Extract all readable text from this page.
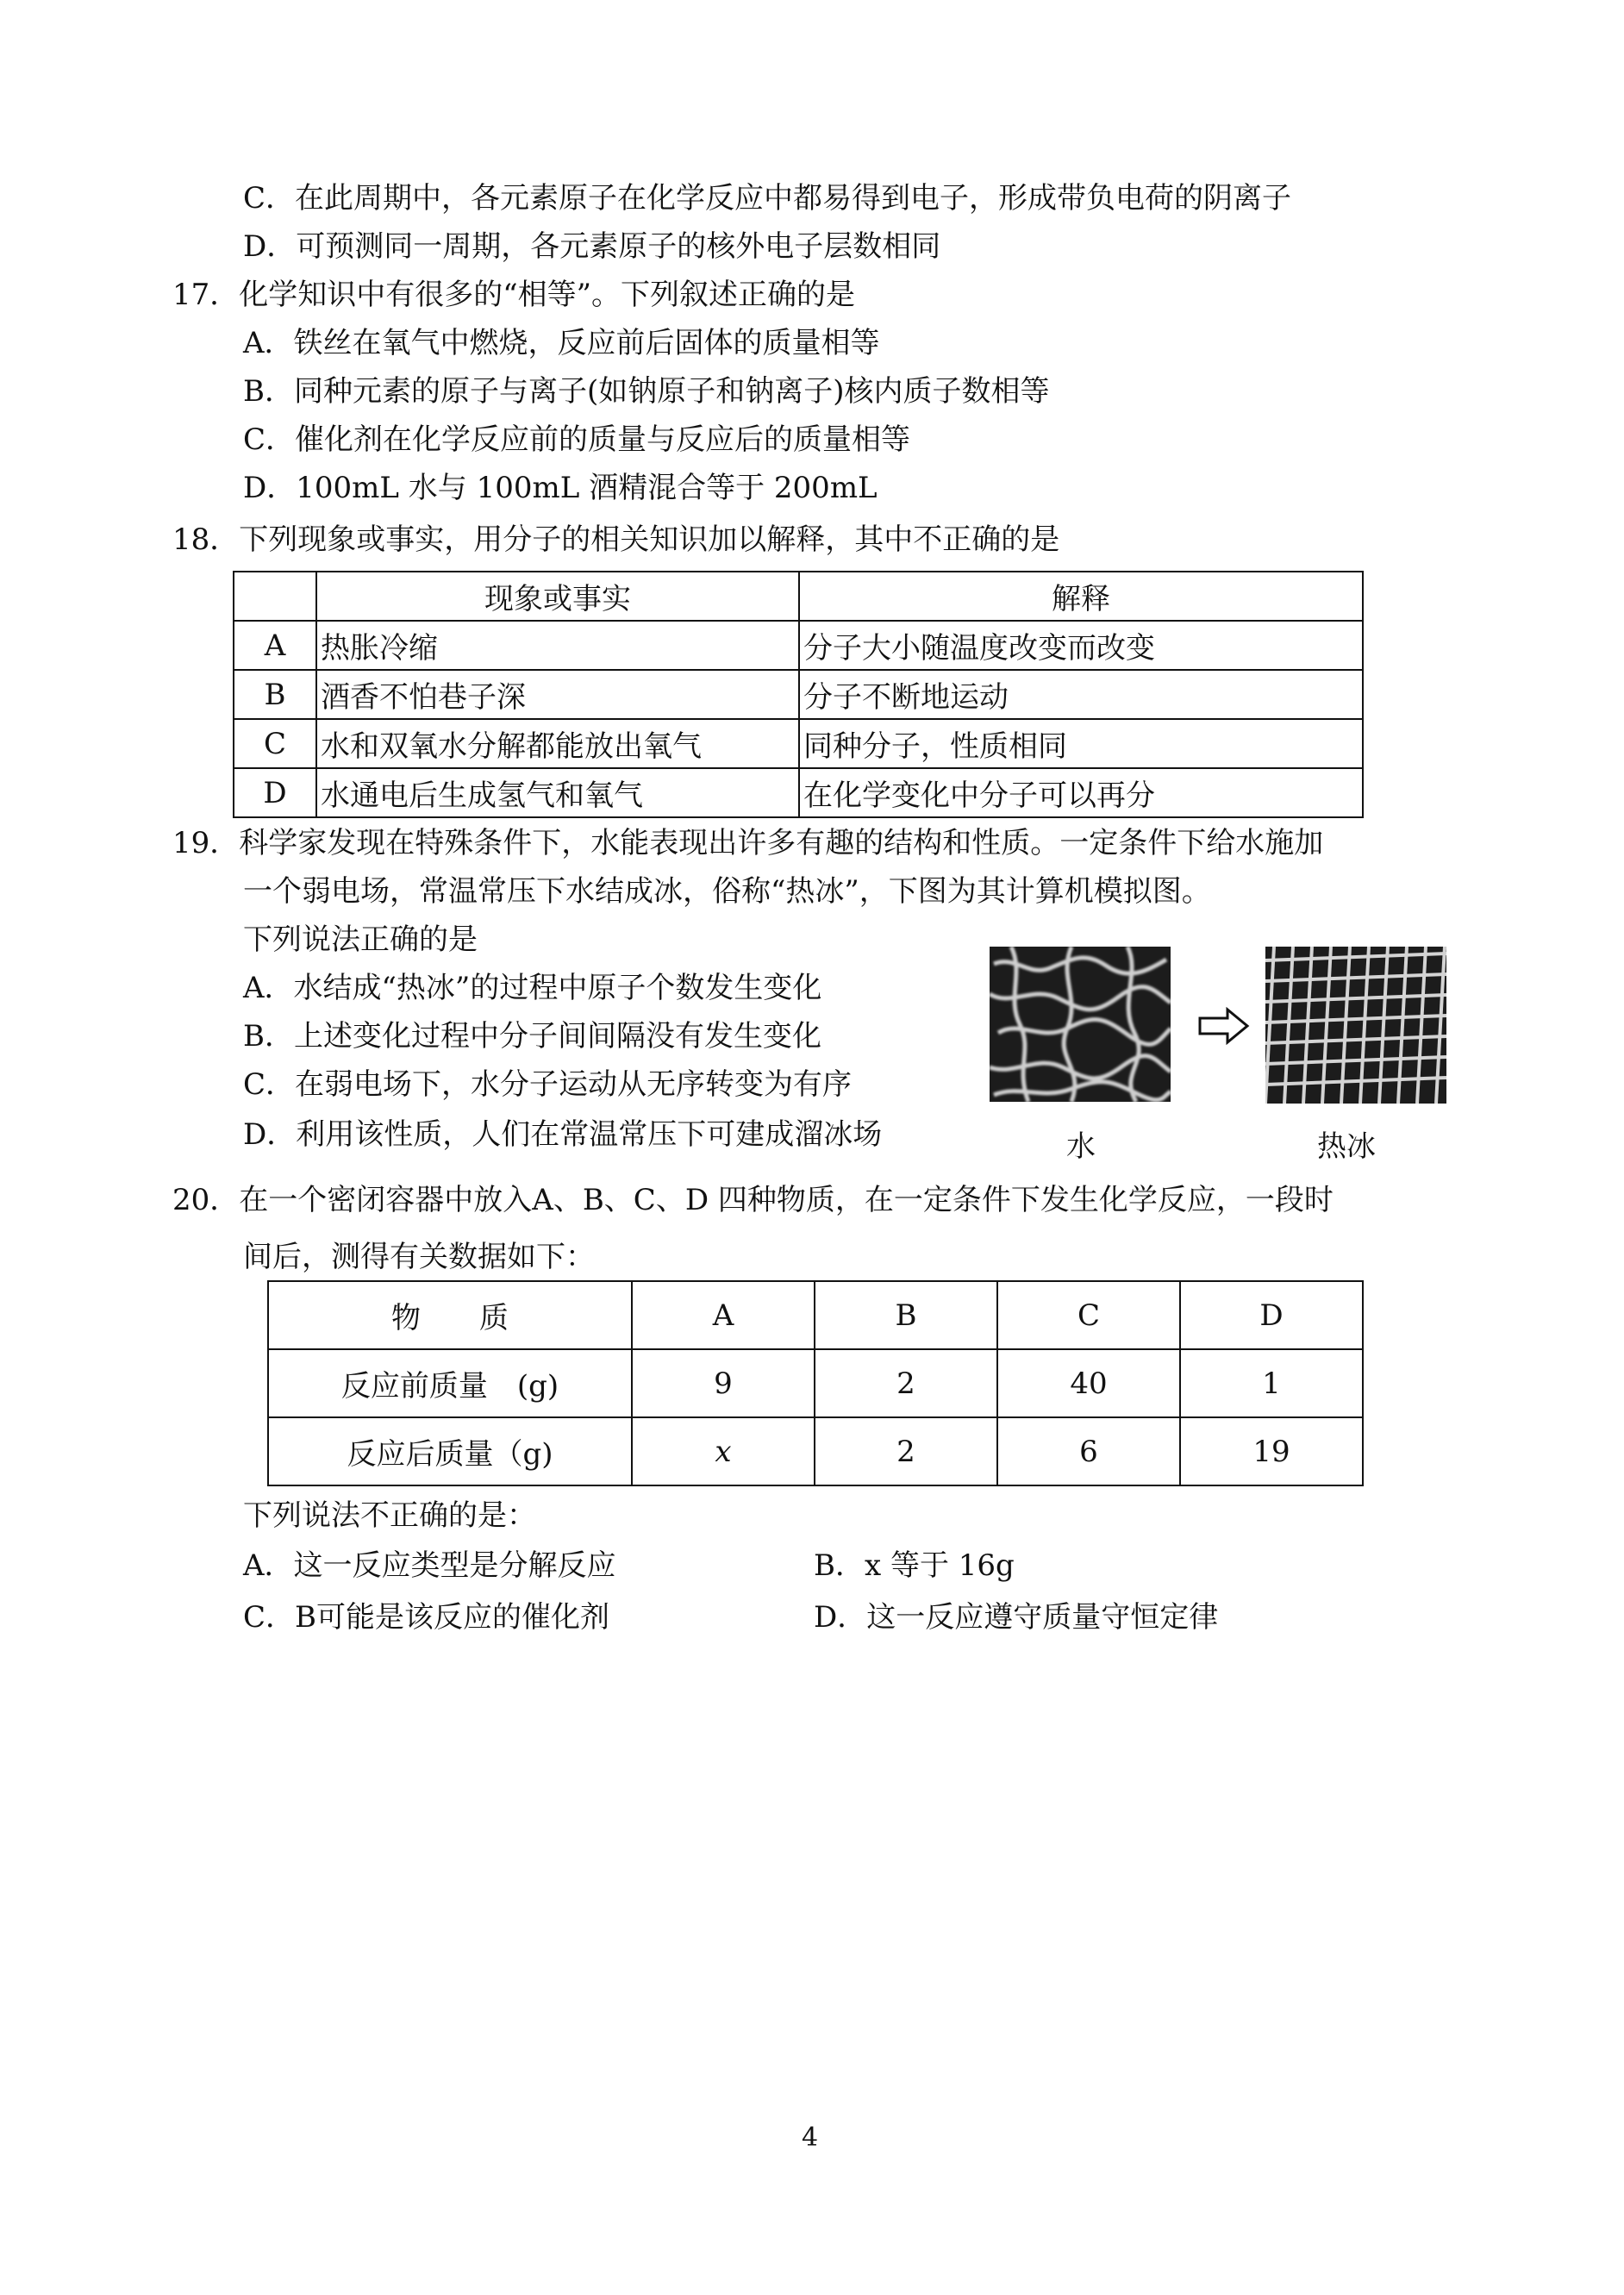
C．在此周期中，各元素原子在化学反应中都易得到电子，形成带负电荷的阴离子
D．可预测同一周期，各元素原子的核外电子层数相同
17．化学知识中有很多的“相等”。下列叙述正确的是
A．铁丝在氧气中燃烧，反应前后固体的质量相等
B．同种元素的原子与离子(如钠原子和钠离子)核内质子数相等
C．催化剂在化学反应前的质量与反应后的质量相等
D．100mL 水与 100mL 酒精混合等于 200mL
18．下列现象或事实，用分子的相关知识加以解释，其中不正确的是
	现象或事实	解释
A	热胀冷缩	分子大小随温度改变而改变
B	酒香不怕巷子深	分子不断地运动
C	水和双氧水分解都能放出氧气	同种分子，性质相同
D	水通电后生成氢气和氧气	在化学变化中分子可以再分
19．科学家发现在特殊条件下，水能表现出许多有趣的结构和性质。一定条件下给水施加
一个弱电场，常温常压下水结成冰，俗称“热冰”，下图为其计算机模拟图。
下列说法正确的是
A．水结成“热冰”的过程中原子个数发生变化
B．上述变化过程中分子间间隔没有发生变化
C．在弱电场下，水分子运动从无序转变为有序
D．利用该性质，人们在常温常压下可建成溜冰场	水	热冰
20．在一个密闭容器中放入A、B、C、D 四种物质，在一定条件下发生化学反应，一段时
间后，测得有关数据如下：
物　　质	A	B	C	D
反应前质量　(g)	9	2	40	1
反应后质量（g)	x	2	6	19
下列说法不正确的是：
A．这一反应类型是分解反应	B．x 等于 16g
C．B可能是该反应的催化剂	D．这一反应遵守质量守恒定律
4
